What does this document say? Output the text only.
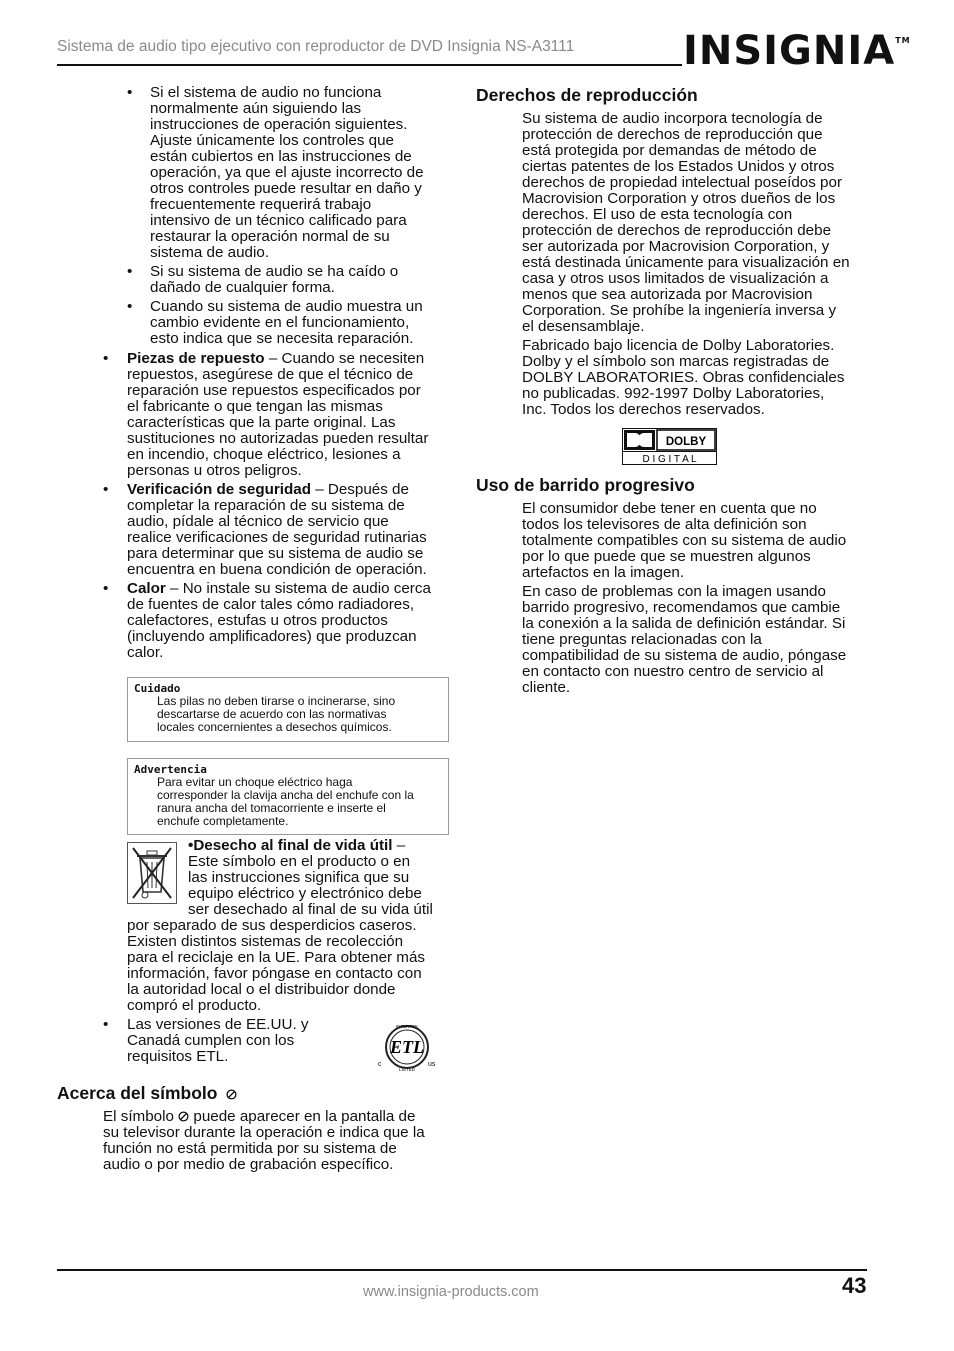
Sistema de audio tipo ejecutivo con reproductor de DVD Insignia NS-A3111	INSIGNIA™
• Si el sistema de audio no funciona
normalmente aún siguiendo las
instrucciones de operación siguientes.
Ajuste únicamente los controles que
están cubiertos en las instrucciones de
operación, ya que el ajuste incorrecto de
otros controles puede resultar en daño y
frecuentemente requerirá trabajo
intensivo de un técnico calificado para
restaurar la operación normal de su
sistema de audio.
• Si su sistema de audio se ha caído o
dañado de cualquier forma.
• Cuando su sistema de audio muestra un
cambio evidente en el funcionamiento,
esto indica que se necesita reparación.
• Piezas de repuesto – Cuando se necesiten
repuestos, asegúrese de que el técnico de
reparación use repuestos especificados por
el fabricante o que tengan las mismas
características que la parte original. Las
sustituciones no autorizadas pueden resultar
en incendio, choque eléctrico, lesiones a
personas u otros peligros.
• Verificación de seguridad – Después de
completar la reparación de su sistema de
audio, pídale al técnico de servicio que
realice verificaciones de seguridad rutinarias
para determinar que su sistema de audio se
encuentra en buena condición de operación.
• Calor – No instale su sistema de audio cerca
de fuentes de calor tales cómo radiadores,
calefactores, estufas u otros productos
(incluyendo amplificadores) que produzcan
calor.
Cuidado
Las pilas no deben tirarse o incinerarse, sino
descartarse de acuerdo con las normativas
locales concernientes a desechos químicos.
Advertencia
Para evitar un choque eléctrico haga
corresponder la clavija ancha del enchufe con la
ranura ancha del tomacorriente e inserte el
enchufe completamente.
•Desecho al final de vida útil –
Este símbolo en el producto o en
las instrucciones significa que su
equipo eléctrico y electrónico debe
ser desechado al final de su vida útil
por separado de sus desperdicios caseros.
Existen distintos sistemas de recolección
para el reciclaje en la UE. Para obtener más
información, favor póngase en contacto con
la autoridad local o el distribuidor donde
compró el producto.
• Las versiones de EE.UU. y
Canadá cumplen con los
requisitos ETL.
INTERTEK
ETL
c	us
LISTED
Acerca del símbolo
El símbolo puede aparecer en la pantalla de
su televisor durante la operación e indica que la
función no está permitida por su sistema de
audio o por medio de grabación específico.
Derechos de reproducción
Su sistema de audio incorpora tecnología de
protección de derechos de reproducción que
está protegida por demandas de método de
ciertas patentes de los Estados Unidos y otros
derechos de propiedad intelectual poseídos por
Macrovision Corporation y otros dueños de los
derechos. El uso de esta tecnología con
protección de derechos de reproducción debe
ser autorizada por Macrovision Corporation, y
está destinada únicamente para visualización en
casa y otros usos limitados de visualización a
menos que sea autorizada por Macrovision
Corporation. Se prohíbe la ingeniería inversa y
el desensamblaje.
Fabricado bajo licencia de Dolby Laboratories.
Dolby y el símbolo son marcas registradas de
DOLBY LABORATORIES. Obras confidenciales
no publicadas. 992-1997 Dolby Laboratories,
Inc. Todos los derechos reservados.
DOLBY
D I G I T A L
Uso de barrido progresivo
El consumidor debe tener en cuenta que no
todos los televisores de alta definición son
totalmente compatibles con su sistema de audio
por lo que puede que se muestren algunos
artefactos en la imagen.
En caso de problemas con la imagen usando
barrido progresivo, recomendamos que cambie
la conexión a la salida de definición estándar. Si
tiene preguntas relacionadas con la
compatibilidad de su sistema de audio, póngase
en contacto con nuestro centro de servicio al
cliente.
www.insignia-products.com	43
